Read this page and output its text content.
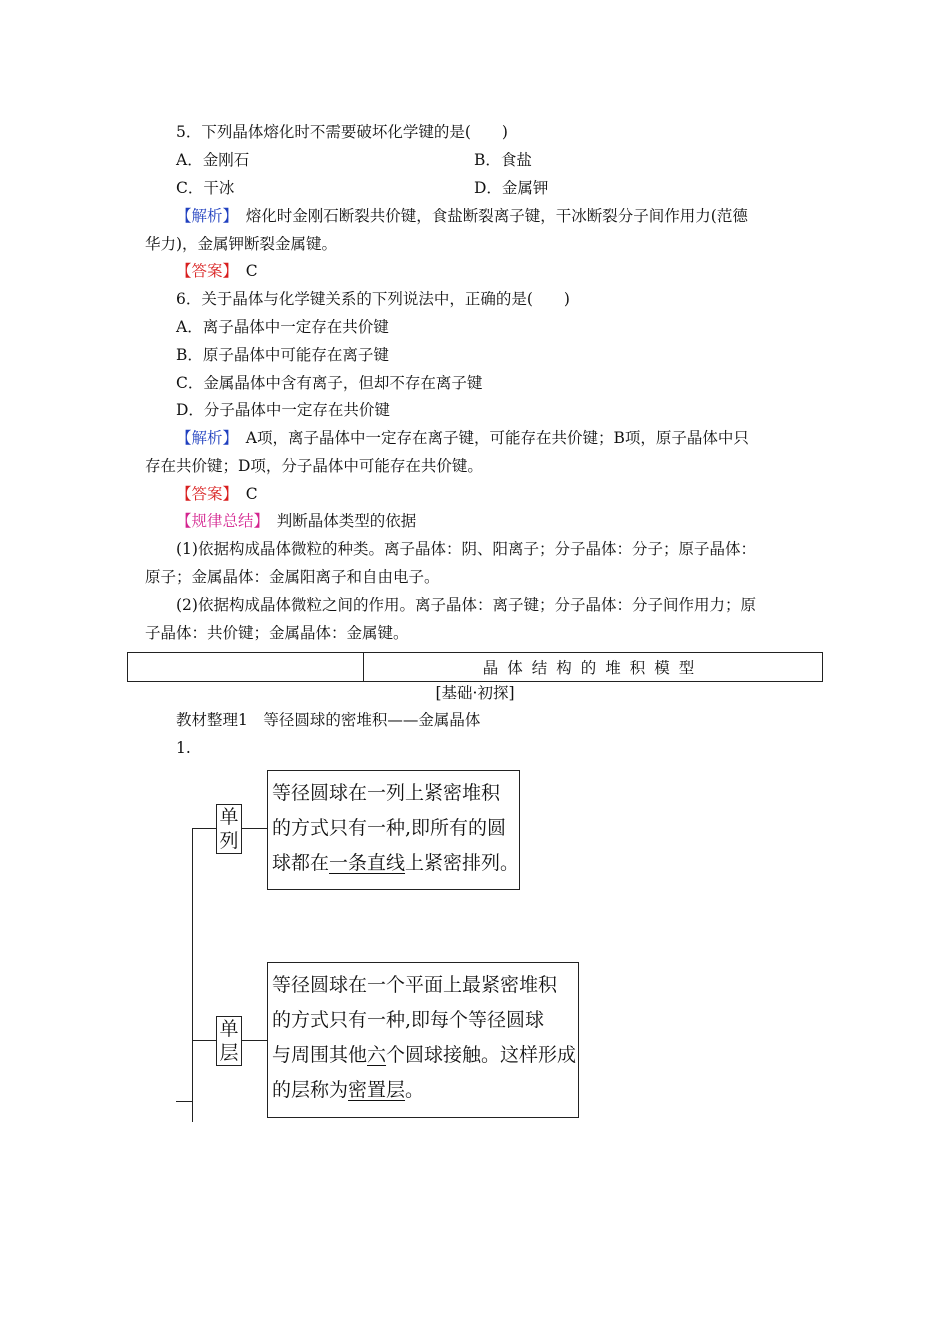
5．下列晶体熔化时不需要破坏化学键的是(　　)
A．金刚石	B．食盐
C．干冰	D．金属钾
【解析】　熔化时金刚石断裂共价键，食盐断裂离子键，干冰断裂分子间作用力(范德
华力)，金属钾断裂金属键。
【答案】　C
6．关于晶体与化学键关系的下列说法中，正确的是(　　)
A．离子晶体中一定存在共价键
B．原子晶体中可能存在离子键
C．金属晶体中含有离子，但却不存在离子键
D．分子晶体中一定存在共价键
【解析】　A项，离子晶体中一定存在离子键，可能存在共价键；B项，原子晶体中只
存在共价键；D项，分子晶体中可能存在共价键。
【答案】　C
【规律总结】　判断晶体类型的依据
(1)依据构成晶体微粒的种类。离子晶体：阴、阳离子；分子晶体：分子；原子晶体：
原子；金属晶体：金属阳离子和自由电子。
(2)依据构成晶体微粒之间的作用。离子晶体：离子键；分子晶体：分子间作用力；原
子晶体：共价键；金属晶体：金属键。
晶体结构的堆积模型
[基础·初探]
教材整理1　等径圆球的密堆积——金属晶体
1.
单
列
等径圆球在一列上紧密堆积
的方式只有一种,即所有的圆
球都在一条直线上紧密排列。
单
层
等径圆球在一个平面上最紧密堆积
的方式只有一种,即每个等径圆球
与周围其他六个圆球接触。这样形成
的层称为密置层。
